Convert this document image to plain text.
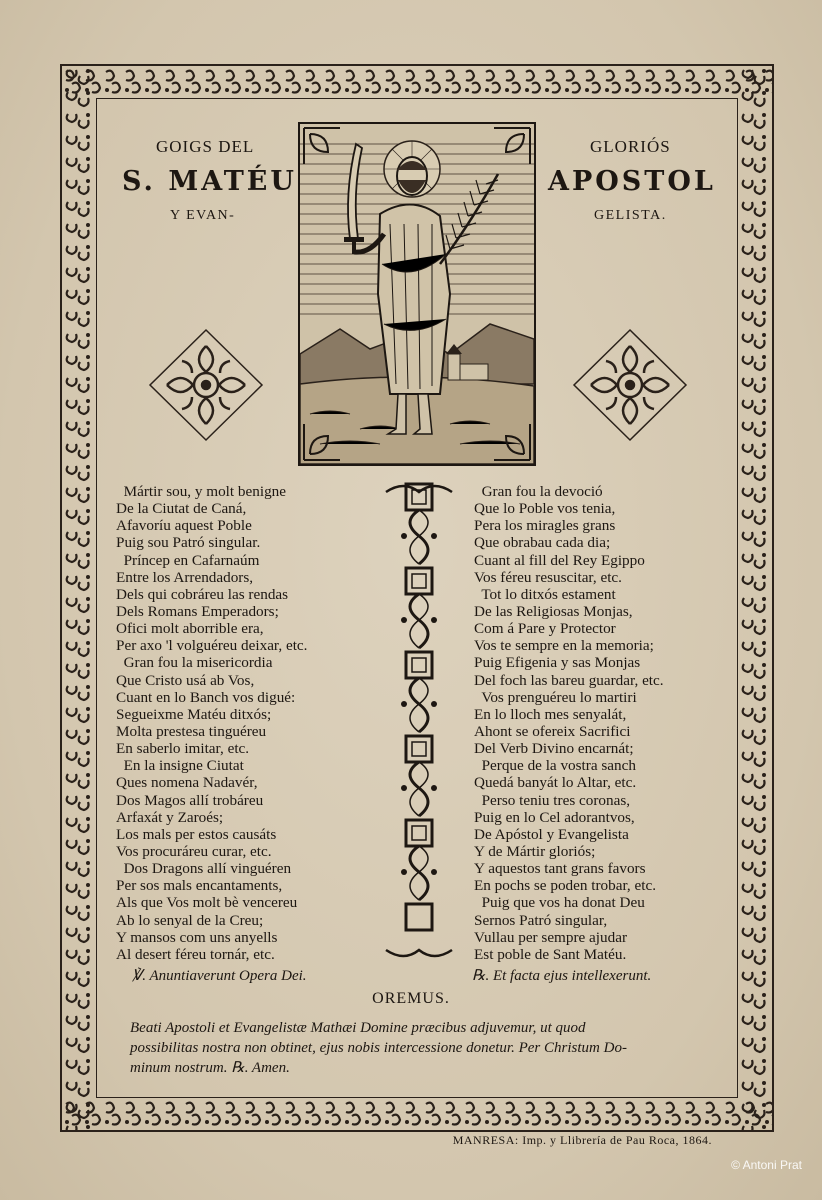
GOIGS DEL	GLORIÓS
S. MATÉU	APOSTOL
Y EVAN-	GELISTA.
Mártir sou, y molt benigne
De la Ciutat de Caná,
Afavoríu aquest Poble
Puig sou Patró singular.
Príncep en Cafarnaúm
Entre los Arrendadors,
Dels qui cobráreu las rendas
Dels Romans Emperadors;
Ofici molt aborrible era,
Per axo 'l volguéreu deixar, etc.
Gran fou la misericordia
Que Cristo usá ab Vos,
Cuant en lo Banch vos digué:
Segueixme Matéu ditxós;
Molta prestesa tinguéreu
En saberlo imitar, etc.
En la insigne Ciutat
Ques nomena Nadavér,
Dos Magos allí trobáreu
Arfaxát y Zaroés;
Los mals per estos causáts
Vos procuráreu curar, etc.
Dos Dragons allí vinguéren
Per sos mals encantaments,
Als que Vos molt bè vencereu
Ab lo senyal de la Creu;
Y mansos com uns anyells
Al desert féreu tornár, etc.
Gran fou la devoció
Que lo Poble vos tenia,
Pera los miragles grans
Que obrabau cada dia;
Cuant al fill del Rey Egippo
Vos féreu resuscitar, etc.
Tot lo ditxós estament
De las Religiosas Monjas,
Com á Pare y Protector
Vos te sempre en la memoria;
Puig Efigenia y sas Monjas
Del foch las bareu guardar, etc.
Vos prenguéreu lo martiri
En lo lloch mes senyalát,
Ahont se ofereix Sacrifici
Del Verb Divino encarnát;
Perque de la vostra sanch
Quedá banyát lo Altar, etc.
Perso teniu tres coronas,
Puig en lo Cel adorantvos,
De Apóstol y Evangelista
Y de Mártir gloriós;
Y aquestos tant grans favors
En pochs se poden trobar, etc.
Puig que vos ha donat Deu
Sernos Patró singular,
Vullau per sempre ajudar
Est poble de Sant Matéu.
℣. Anuntiaverunt Opera Dei.	℞. Et facta ejus intellexerunt.
OREMUS.
Beati Apostoli et Evangelistæ Mathæi Domine præcibus adjuvemur, ut quod
possibilitas nostra non obtinet, ejus nobis intercessione donetur. Per Christum Do-
minum nostrum. ℞. Amen.
MANRESA: Imp. y Llibrería de Pau Roca, 1864.
© Antoni Prat
